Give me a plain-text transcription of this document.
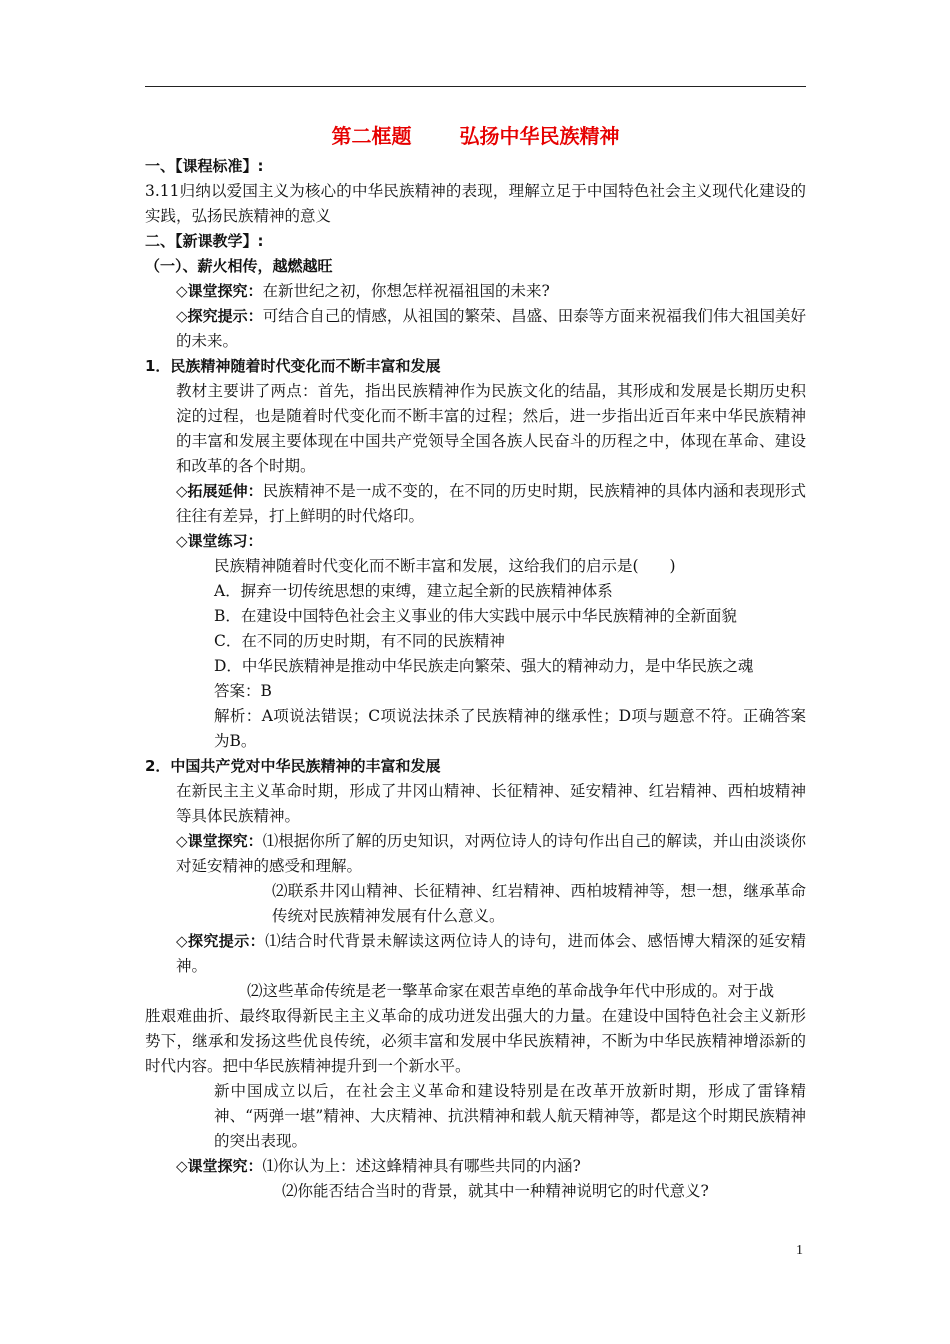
第二框题 弘扬中华民族精神
一、【课程标准】:
3.11归纳以爱国主义为核心的中华民族精神的表现，理解立足于中国特色社会主义现代化建设的实践，弘扬民族精神的意义
二、【新课教学】:
（一）、薪火相传，越燃越旺
◇课堂探究：在新世纪之初，你想怎样祝福祖国的未来?
◇探究提示：可结合自己的情感，从祖国的繁荣、昌盛、田泰等方面来祝福我们伟大祖国美好的未来。
1．民族精神随着时代变化而不断丰富和发展
教材主要讲了两点：首先，指出民族精神作为民族文化的结晶，其形成和发展是长期历史积淀的过程，也是随着时代变化而不断丰富的过程；然后，进一步指出近百年来中华民族精神的丰富和发展主要体现在中国共产党领导全国各族人民奋斗的历程之中，体现在革命、建设和改革的各个时期。
◇拓展延伸：民族精神不是一成不变的，在不同的历史时期，民族精神的具体内涵和表现形式往往有差异，打上鲜明的时代烙印。
◇课堂练习：
民族精神随着时代变化而不断丰富和发展，这给我们的启示是(　　)
A．摒弃一切传统思想的束缚，建立起全新的民族精神体系
B．在建设中国特色社会主义事业的伟大实践中展示中华民族精神的全新面貌
C．在不同的历史时期，有不同的民族精神
D．中华民族精神是推动中华民族走向繁荣、强大的精神动力，是中华民族之魂
答案：B
解析：A项说法错误；C项说法抹杀了民族精神的继承性；D项与题意不符。正确答案为B。
2．中国共产党对中华民族精神的丰富和发展
在新民主主义革命时期，形成了井冈山精神、长征精神、延安精神、红岩精神、西柏坡精神等具体民族精神。
◇课堂探究：⑴根据你所了解的历史知识，对两位诗人的诗句作出自己的解读，并山由淡谈你对延安精神的感受和理解。
⑵联系井冈山精神、长征精神、红岩精神、西柏坡精神等，想一想，继承革命传统对民族精神发展有什么意义。
◇探究提示：⑴结合时代背景未解读这两位诗人的诗句，进而体会、感悟博大精深的延安精神。
⑵这些革命传统是老一擎革命家在艰苦卓绝的革命战争年代中形成的。对于战
胜艰难曲折、最终取得新民主主义革命的成功迸发出强大的力量。在建设中国特色社会主义新形势下，继承和发扬这些优良传统，必须丰富和发展中华民族精神，不断为中华民族精神增添新的时代内容。把中华民族精神提升到一个新水平。
新中国成立以后，在社会主义革命和建设特别是在改革开放新时期，形成了雷锋精神、“两弹一堪”精神、大庆精神、抗洪精神和载人航天精神等，都是这个时期民族精神的突出表现。
◇课堂探究：⑴你认为上：述这蜂精神具有哪些共同的内涵?
⑵你能否结合当时的背景，就其中一种精神说明它的时代意义?
1
